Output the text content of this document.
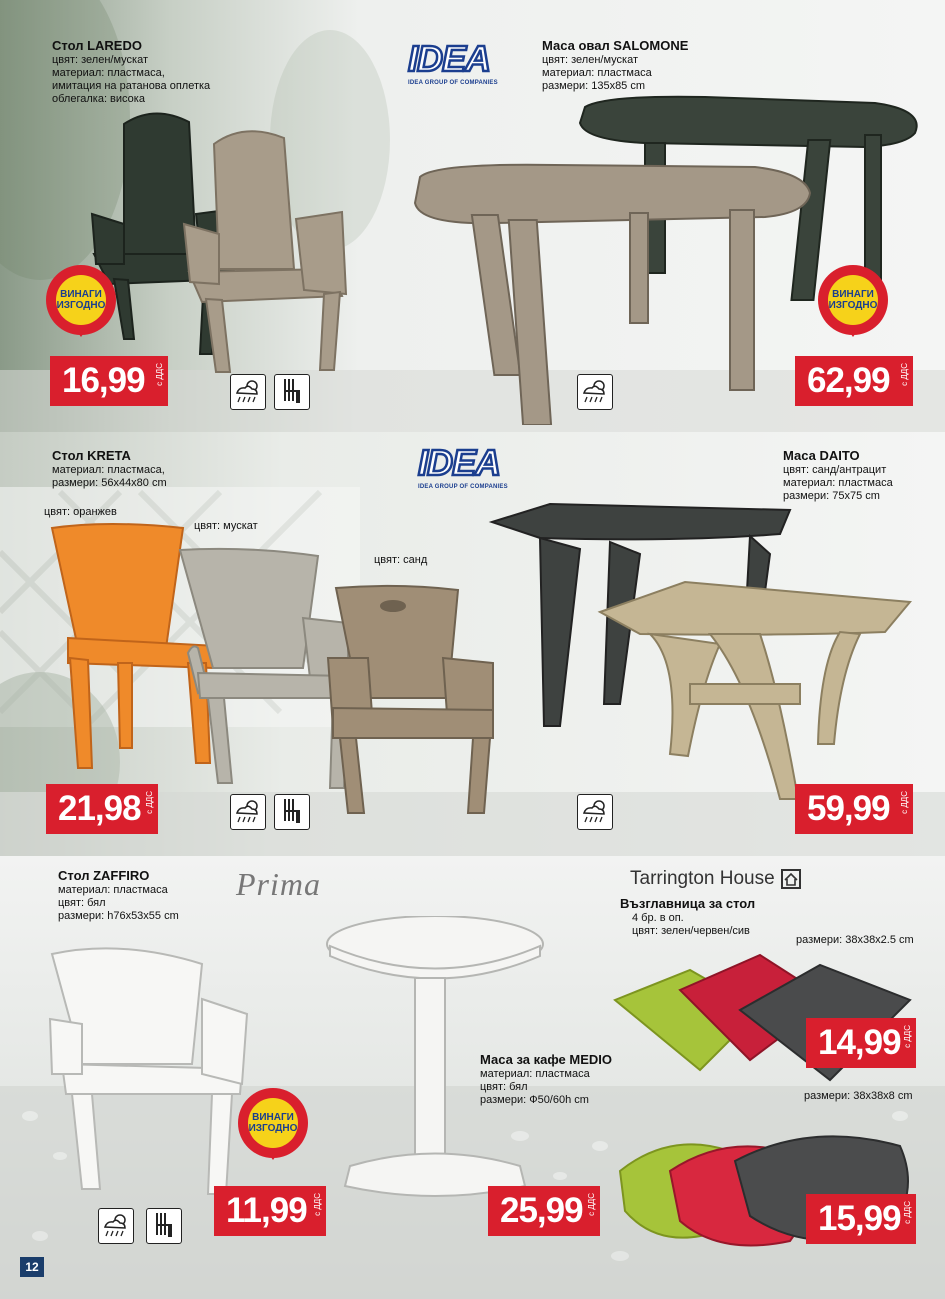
Стол LAREDO
цвят: зелен/мускат
материал: пластмаса,
имитация на ратанова оплетка
облегалка: висока
IDEA
IDEA GROUP OF COMPANIES
Маса овал SALOMONE
цвят: зелен/мускат
материал: пластмаса
размери: 135х85 cm
ВИНАГИ
ИЗГОДНО
ВИНАГИ
ИЗГОДНО
16,99 с ДДС	62,99 с ДДС
Стол KRETA
материал: пластмаса,
размери: 56х44х80 cm
цвят: оранжев
цвят: мускат
цвят: санд
IDEA
IDEA GROUP OF COMPANIES
Маса DAITO
цвят: санд/антрацит
материал: пластмаса
размери: 75х75 cm
21,98 с ДДС	59,99 с ДДС
Стол ZAFFIRO
материал: пластмаса
цвят: бял
размери: h76х53х55 cm
Prima
Маса за кафе MEDIO
материал: пластмаса
цвят: бял
размери: Ф50/60h cm
Tarrington House
Възглавница за стол
4 бр. в оп.
цвят: зелен/червен/сив
размери: 38х38х2.5 cm
размери: 38х38х8 cm
ВИНАГИ
ИЗГОДНО
11,99 с ДДС	25,99 с ДДС
14,99 с ДДС
15,99 с ДДС
12
